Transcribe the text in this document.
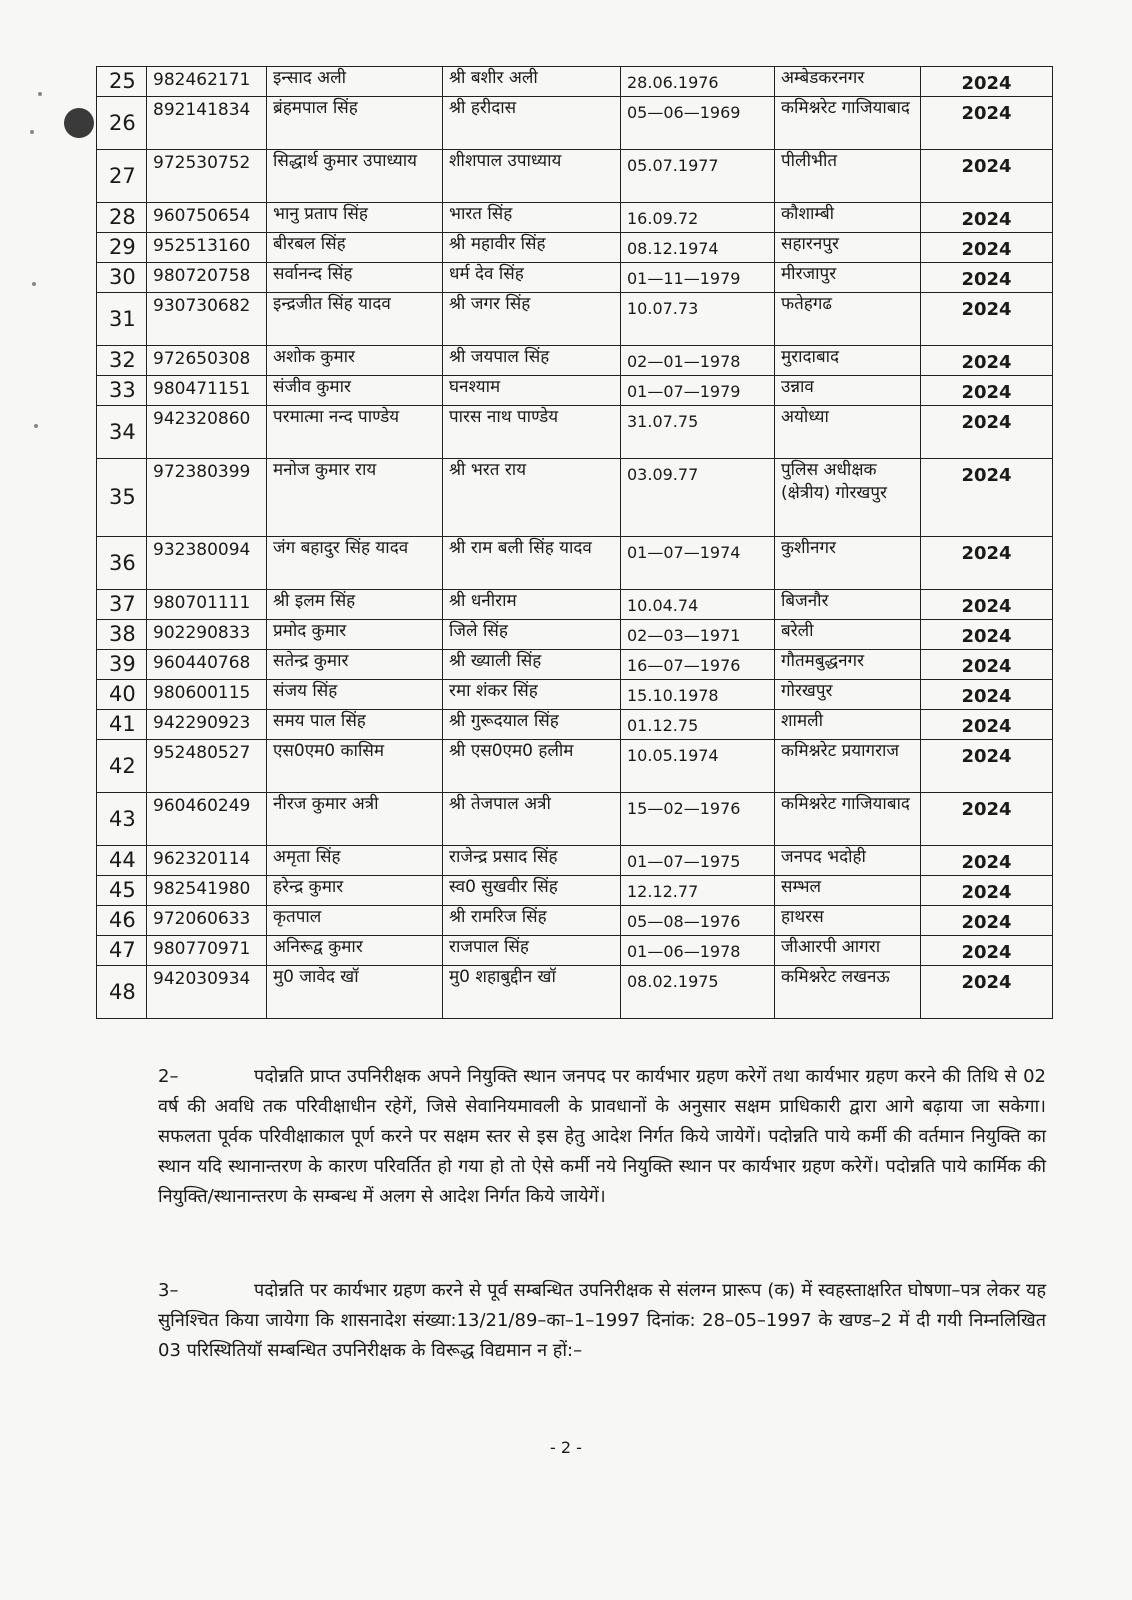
25	982462171	इन्साद अली	श्री बशीर अली	28.06.1976	अम्बेडकरनगर	2024
26	892141834	ब्रंहमपाल सिंह	श्री हरीदास	05—06—1969	कमिश्नरेट गाजियाबाद	2024
27	972530752	सिद्धार्थ कुमार उपाध्याय	शीशपाल उपाध्याय	05.07.1977	पीलीभीत	2024
28	960750654	भानु प्रताप सिंह	भारत सिंह	16.09.72	कौशाम्बी	2024
29	952513160	बीरबल सिंह	श्री महावीर सिंह	08.12.1974	सहारनपुर	2024
30	980720758	सर्वानन्द सिंह	धर्म देव सिंह	01—11—1979	मीरजापुर	2024
31	930730682	इन्द्रजीत सिंह यादव	श्री जगर सिंह	10.07.73	फतेहगढ	2024
32	972650308	अशोक कुमार	श्री जयपाल सिंह	02—01—1978	मुरादाबाद	2024
33	980471151	संजीव कुमार	घनश्याम	01—07—1979	उन्नाव	2024
34	942320860	परमात्मा नन्द पाण्डेय	पारस नाथ पाण्डेय	31.07.75	अयोध्या	2024
35	972380399	मनोज कुमार राय	श्री भरत राय	03.09.77	पुलिस अधीक्षक (क्षेत्रीय) गोरखपुर	2024
36	932380094	जंग बहादुर सिंह यादव	श्री राम बली सिंह यादव	01—07—1974	कुशीनगर	2024
37	980701111	श्री इलम सिंह	श्री धनीराम	10.04.74	बिजनौर	2024
38	902290833	प्रमोद कुमार	जिले सिंह	02—03—1971	बरेली	2024
39	960440768	सतेन्द्र कुमार	श्री ख्याली सिंह	16—07—1976	गौतमबुद्धनगर	2024
40	980600115	संजय सिंह	रमा शंकर सिंह	15.10.1978	गोरखपुर	2024
41	942290923	समय पाल सिंह	श्री गुरूदयाल सिंह	01.12.75	शामली	2024
42	952480527	एस0एम0 कासिम	श्री एस0एम0 हलीम	10.05.1974	कमिश्नरेट प्रयागराज	2024
43	960460249	नीरज कुमार अत्री	श्री तेजपाल अत्री	15—02—1976	कमिश्नरेट गाजियाबाद	2024
44	962320114	अमृता सिंह	राजेन्द्र प्रसाद सिंह	01—07—1975	जनपद भदोही	2024
45	982541980	हरेन्द्र कुमार	स्व0 सुखवीर सिंह	12.12.77	सम्भल	2024
46	972060633	कृतपाल	श्री रामरिज सिंह	05—08—1976	हाथरस	2024
47	980770971	अनिरूद्व कुमार	राजपाल सिंह	01—06—1978	जीआरपी आगरा	2024
48	942030934	मु0 जावेद खॉ	मु0 शहाबुद्दीन खॉ	08.02.1975	कमिश्नरेट लखनऊ	2024

2–	पदोन्नति प्राप्त उपनिरीक्षक अपने नियुक्ति स्थान जनपद पर कार्यभार ग्रहण करेगें तथा कार्यभार ग्रहण करने की तिथि से 02 वर्ष की अवधि तक परिवीक्षाधीन रहेगें, जिसे सेवानियमावली के प्रावधानों के अनुसार सक्षम प्राधिकारी द्वारा आगे बढ़ाया जा सकेगा। सफलता पूर्वक परिवीक्षाकाल पूर्ण करने पर सक्षम स्तर से इस हेतु आदेश निर्गत किये जायेगें। पदोन्नति पाये कर्मी की वर्तमान नियुक्ति का स्थान यदि स्थानान्तरण के कारण परिवर्तित हो गया हो तो ऐसे कर्मी नये नियुक्ति स्थान पर कार्यभार ग्रहण करेगें। पदोन्नति पाये कार्मिक की नियुक्ति/स्थानान्तरण के सम्बन्ध में अलग से आदेश निर्गत किये जायेगें।

3–	पदोन्नति पर कार्यभार ग्रहण करने से पूर्व सम्बन्धित उपनिरीक्षक से संलग्न प्रारूप (क) में स्वहस्ताक्षरित घोषणा–पत्र लेकर यह सुनिश्चित किया जायेगा कि शासनादेश संख्या:13/21/89–का–1–1997 दिनांक: 28–05–1997 के खण्ड–2 में दी गयी निम्नलिखित 03 परिस्थितियॉ सम्बन्धित उपनिरीक्षक के विरूद्ध विद्यमान न हों:–

- 2 -
